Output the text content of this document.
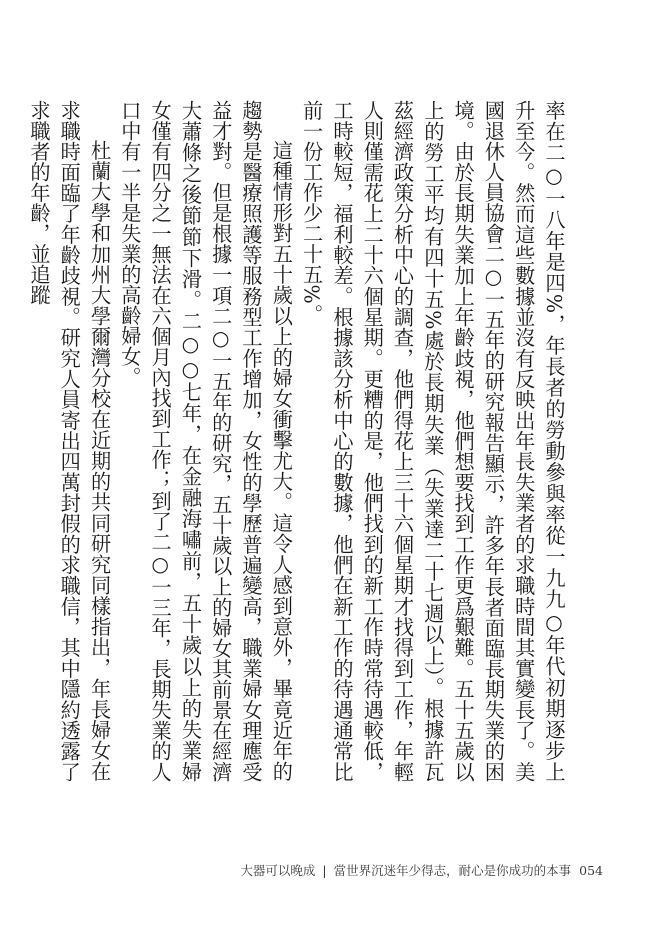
率在二○一八年是四%，年長者的勞動參與率從一九九○年代初期逐步上升至今。然而這些數據並沒有反映出年長失業者的求職時間其實變長了。美國退休人員協會二○一五年的研究報告顯示，許多年長者面臨長期失業的困境。由於長期失業加上年齡歧視，他們想要找到工作更爲艱難。五十五歲以上的勞工平均有四十五%處於長期失業（失業達二十七週以上）。根據許瓦茲經濟政策分析中心的調查，他們得花上三十六個星期才找得到工作，年輕人則僅需花上二十六個星期。更糟的是，他們找到的新工作時常待遇較低，工時較短，福利較差。根據該分析中心的數據，他們在新工作的待遇通常比前一份工作少二十五%。

這種情形對五十歲以上的婦女衝擊尤大。這令人感到意外，畢竟近年的趨勢是醫療照護等服務型工作增加，女性的學歷普遍變高，職業婦女理應受益才對。但是根據一項二○一五年的研究，五十歲以上的婦女其前景在經濟大蕭條之後節節下滑。二○○七年，在金融海嘯前，五十歲以上的失業婦女僅有四分之一無法在六個月內找到工作；到了二○一三年，長期失業的人口中有一半是失業的高齡婦女。

杜蘭大學和加州大學爾灣分校在近期的共同研究同樣指出，年長婦女在求職時面臨了年齡歧視。研究人員寄出四萬封假的求職信，其中隱約透露了求職者的年齡，並追蹤

大器可以晚成 | 當世界沉迷年少得志，耐心是你成功的本事 054
